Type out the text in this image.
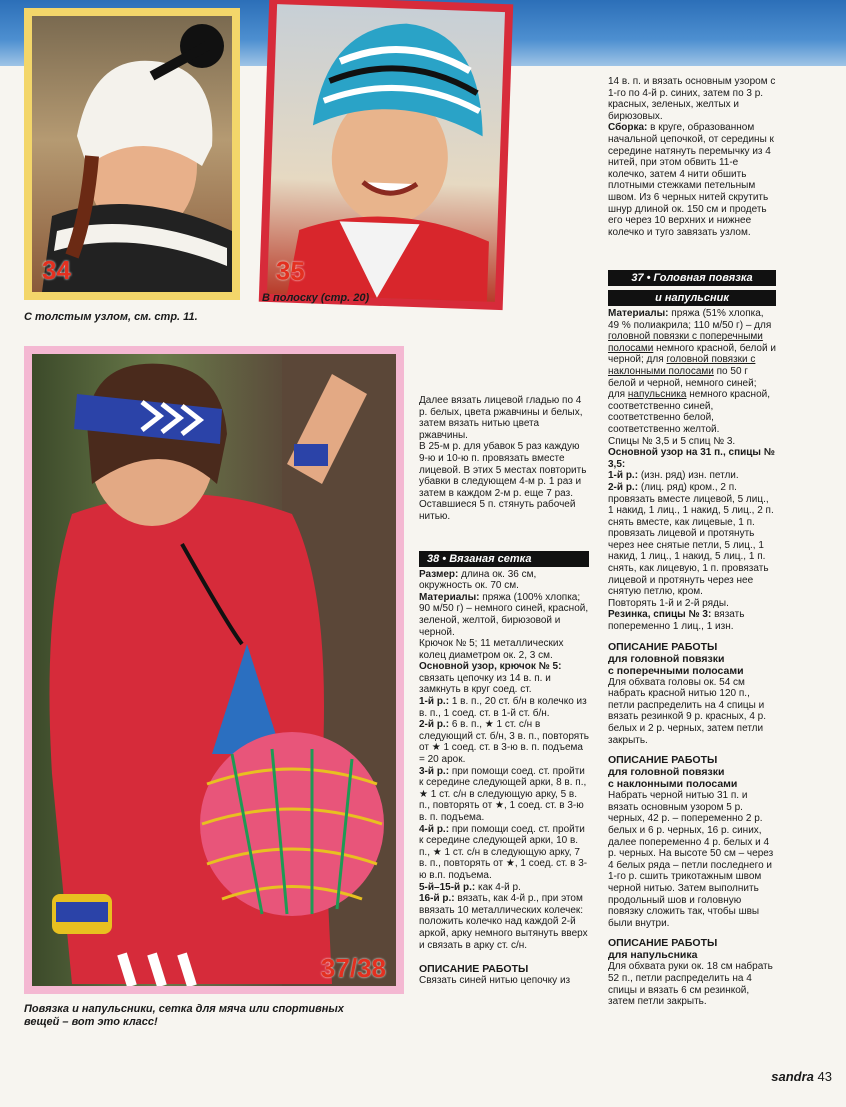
34	35
С толстым узлом, см. стр. 11.
В полоску (стр. 20)
37/38
Повязка и напульсники, сетка для мяча или спортивных
вещей – вот это класс!

14 в. п. и вязать основным узором с 1-го по 4-й р. синих, затем по 3 р. красных, зеленых, желтых и бирюзовых.

Сборка: в круге, образованном начальной цепочкой, от середины к середине натянуть перемычку из 4 нитей, при этом обвить 11-е колечко, затем 4 нити обшить плотными стежками петельным швом. Из 6 черных нитей скрутить шнур длиной ок. 150 см и продеть его через 10 верхних и нижнее колечко и туго завязать узлом.

Далее вязать лицевой гладью по 4 р. белых, цвета ржавчины и белых, затем вязать нитью цвета ржавчины.

В 25-м р. для убавок 5 раз каждую 9-ю и 10-ю п. провязать вместе лицевой. В этих 5 местах повторить убавки в следующем 4-м р. 1 раз и затем в каждом 2-м р. еще 7 раз.

Оставшиеся 5 п. стянуть рабочей нитью.

38 • Вязаная сетка

Размер: длина ок. 36 см, окружность ок. 70 см.

Материалы: пряжа (100% хлопка; 90 м/50 г) – немного синей, красной, зеленой, желтой, бирюзовой и черной.

Крючок № 5; 11 металлических колец диаметром ок. 2, 3 см.

Основной узор, крючок № 5: связать цепочку из 14 в. п. и замкнуть в круг соед. ст.

1-й р.: 1 в. п., 20 ст. б/н в колечко из в. п., 1 соед. ст. в 1-й ст. б/н.

2-й р.: 6 в. п., ★ 1 ст. с/н в следующий ст. б/н, 3 в. п., повторять от ★ 1 соед. ст. в 3-ю в. п. подъема = 20 арок.

3-й р.: при помощи соед. ст. пройти к середине следующей арки, 8 в. п., ★ 1 ст. с/н в следующую арку, 5 в. п., повторять от ★, 1 соед. ст. в 3-ю в. п. подъема.

4-й р.: при помощи соед. ст. пройти к середине следующей арки, 10 в. п., ★ 1 ст. с/н в следующую арку, 7 в. п., повторять от ★, 1 соед. ст. в 3-ю в.п. подъема.

5-й–15-й р.: как 4-й р.

16-й р.: вязать, как 4-й р., при этом ввязать 10 металлических колечек: положить колечко над каждой 2-й аркой, арку немного вытянуть вверх и связать в арку ст. с/н.

ОПИСАНИЕ РАБОТЫ

Связать синей нитью цепочку из

37 • Головная повязка
и напульсник

Материалы: пряжа (51% хлопка, 49 % полиакрила; 110 м/50 г) – для головной повязки с поперечными полосами немного красной, белой и черной; для головной повязки с наклонными полосами по 50 г белой и черной, немного синей; для напульсника немного красной, соответственно синей, соответственно белой, соответственно желтой.

Спицы № 3,5 и 5 спиц № 3.

Основной узор на 31 п., спицы № 3,5:

1-й р.: (изн. ряд) изн. петли.

2-й р.: (лиц. ряд) кром., 2 п. провязать вместе лицевой, 5 лиц., 1 накид, 1 лиц., 1 накид, 5 лиц., 2 п. снять вместе, как лицевые, 1 п. провязать лицевой и протянуть через нее снятые петли, 5 лиц., 1 накид, 1 лиц., 1 накид, 5 лиц., 1 п. снять, как лицевую, 1 п. провязать лицевой и протянуть через нее снятую петлю, кром.

Повторять 1-й и 2-й ряды.

Резинка, спицы № 3: вязать попеременно 1 лиц., 1 изн.

ОПИСАНИЕ РАБОТЫ
для головной повязки
с поперечными полосами

Для обхвата головы ок. 54 см набрать красной нитью 120 п., петли распределить на 4 спицы и вязать резинкой 9 р. красных, 4 р. белых и 2 р. черных, затем петли закрыть.

ОПИСАНИЕ РАБОТЫ
для головной повязки
с наклонными полосами

Набрать черной нитью 31 п. и вязать основным узором 5 р. черных, 42 р. – попеременно 2 р. белых и 6 р. черных, 16 р. синих, далее попеременно 4 р. белых и 4 р. черных. На высоте 50 см – через 4 белых ряда – петли последнего и 1-го р. сшить трикотажным швом черной нитью. Затем выполнить продольный шов и головную повязку сложить так, чтобы швы были внутри.

ОПИСАНИЕ РАБОТЫ
для напульсника

Для обхвата руки ок. 18 см набрать 52 п., петли распределить на 4 спицы и вязать 6 см резинкой, затем петли закрыть.

sandra 43
